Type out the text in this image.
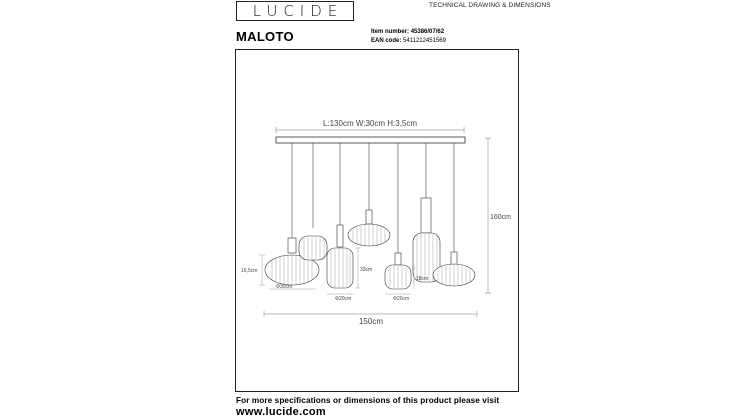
LUCIDE	TECHNICAL DRAWING & DIMENSIONS
MALOTO	Item number: 45386/07/62
EAN code: 5411212451569
L:130cm W:30cm H:3,5cm
16,5cm	33cm
18cm
Φ30cm
Φ20cm	Φ20cm
160cm
150cm
For more specifications or dimensions of this product please visit
www.lucide.com
